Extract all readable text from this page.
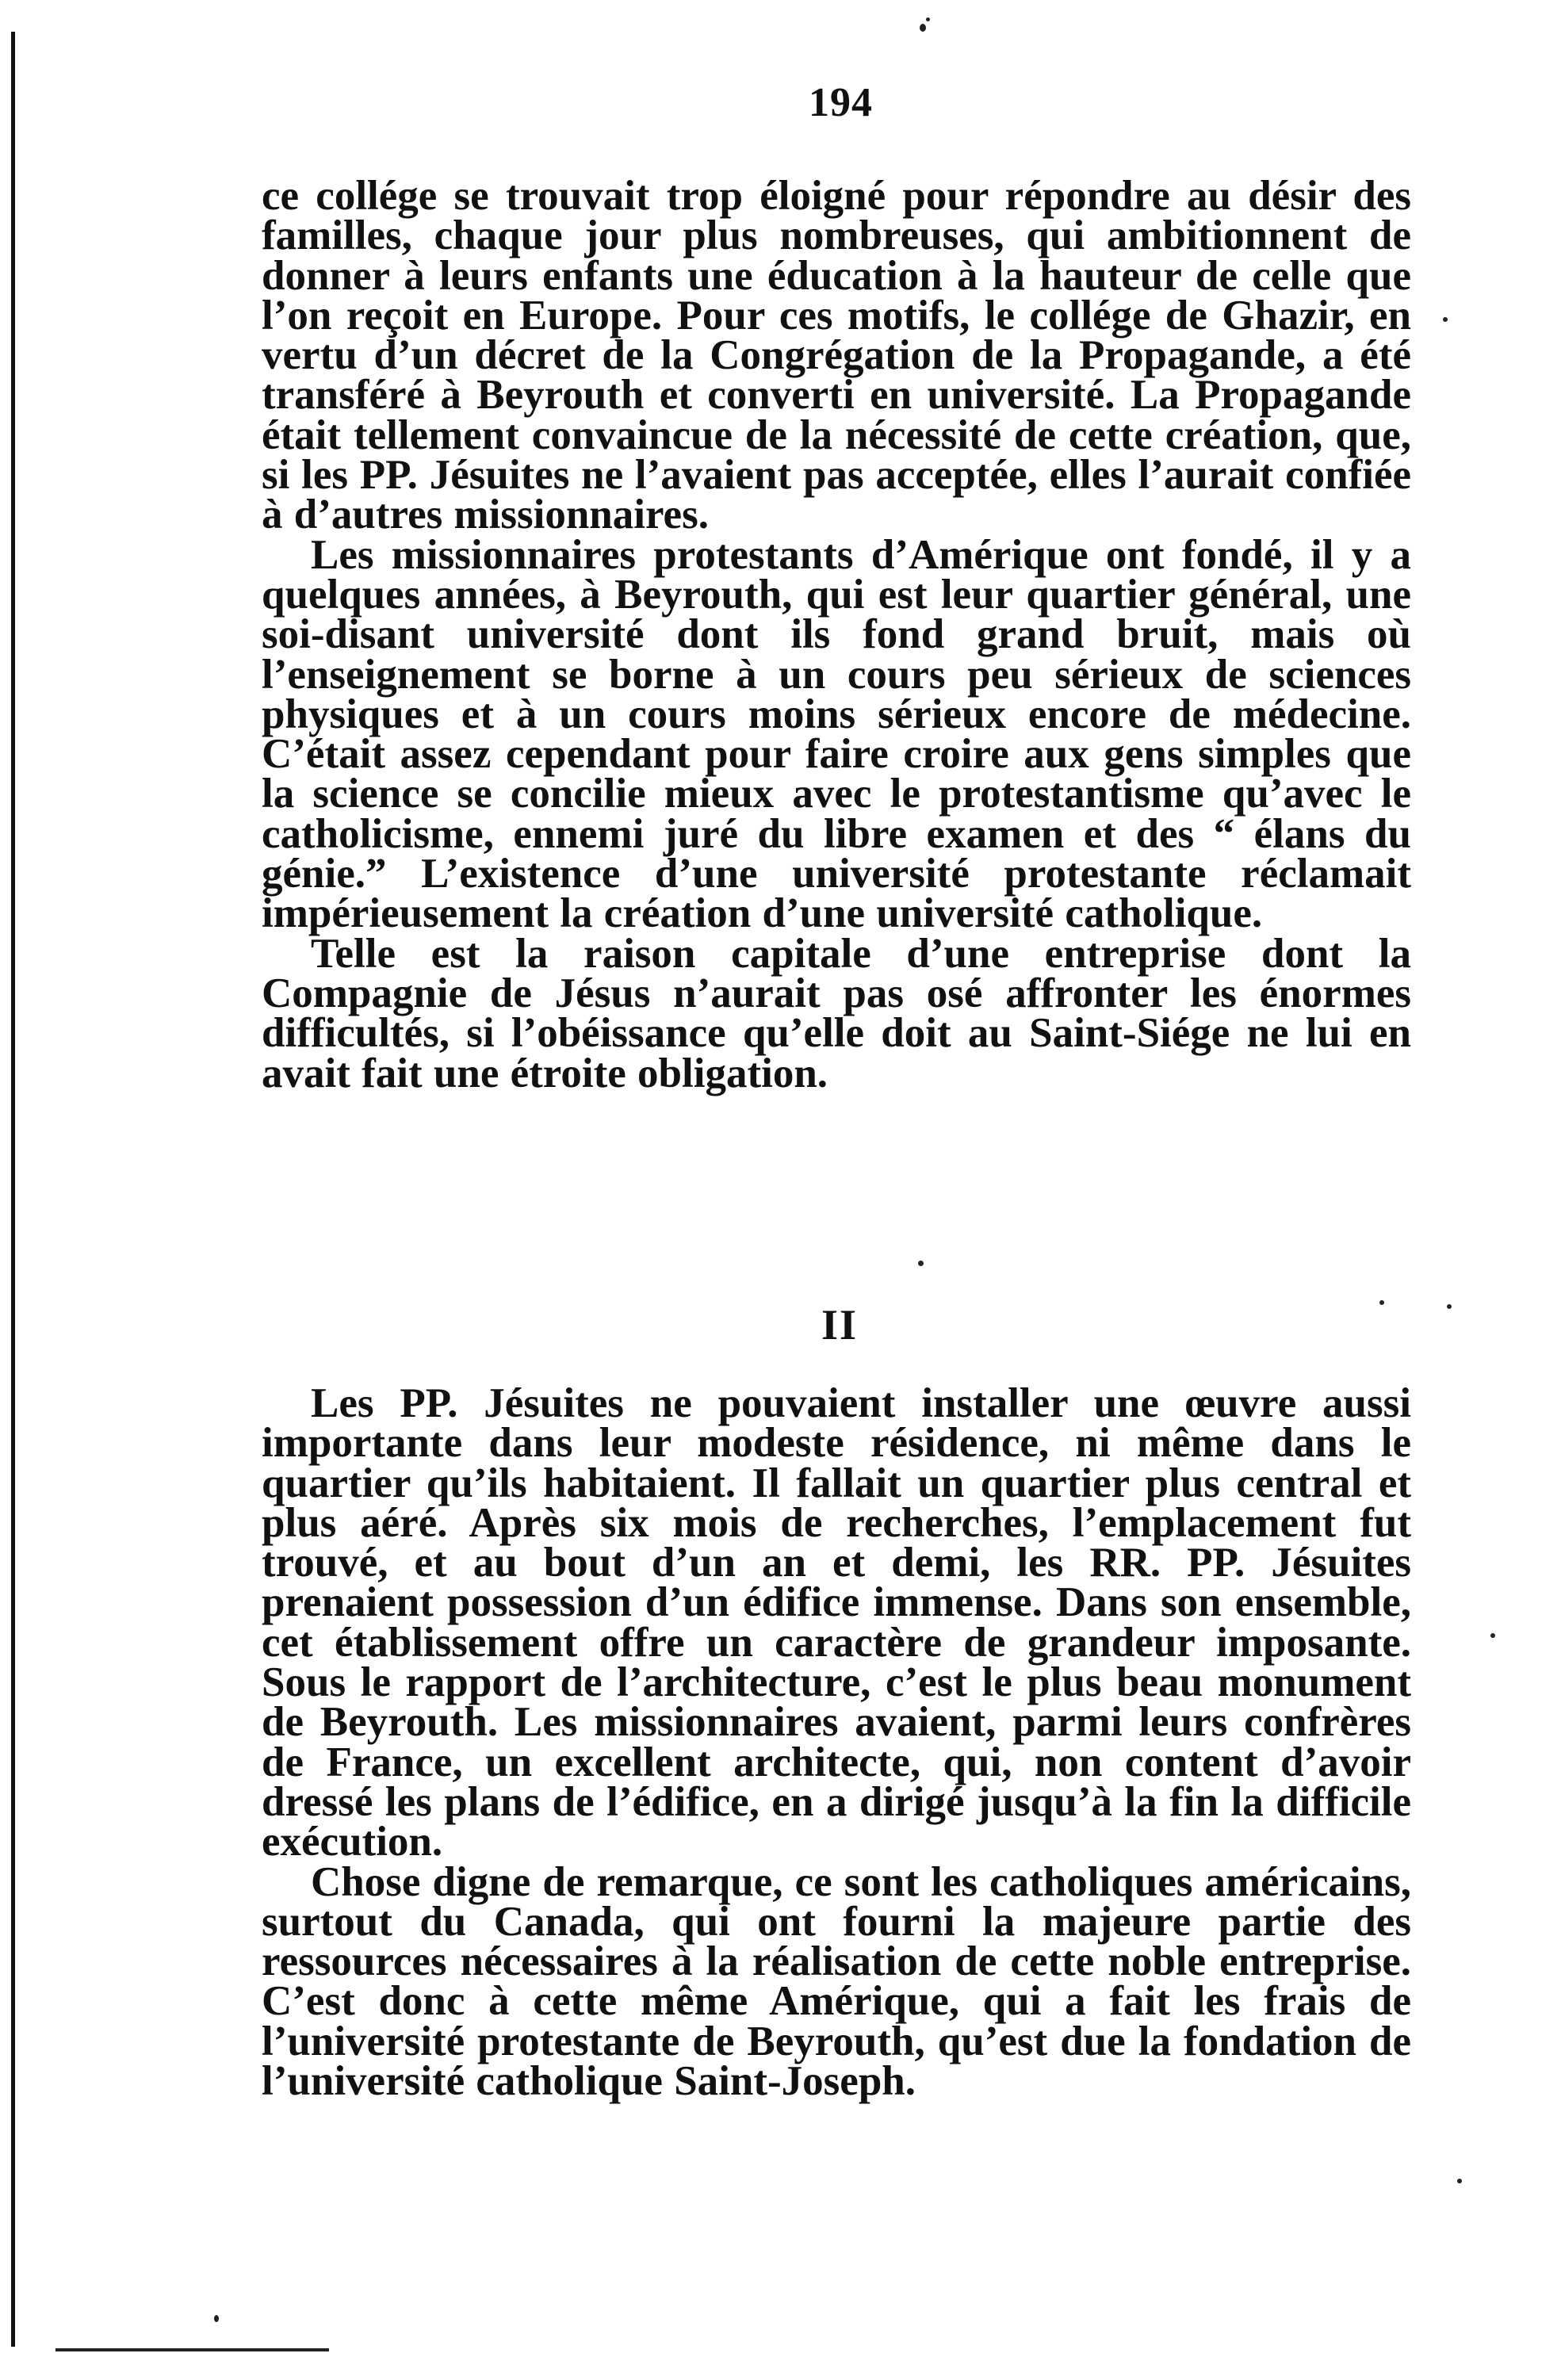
194

ce collége se trouvait trop éloigné pour répondre au désir des familles, chaque jour plus nombreuses, qui ambitionnent de donner à leurs enfants une éducation à la hauteur de celle que l’on reçoit en Europe. Pour ces motifs, le collége de Ghazir, en vertu d’un décret de la Congrégation de la Propagande, a été transféré à Beyrouth et converti en université. La Propagande était tellement convaincue de la nécessité de cette création, que, si les PP. Jésuites ne l’avaient pas acceptée, elles l’aurait confiée à d’autres missionnaires.

Les missionnaires protestants d’Amérique ont fondé, il y a quelques années, à Beyrouth, qui est leur quartier général, une soi-disant université dont ils fond grand bruit, mais où l’enseignement se borne à un cours peu sérieux de sciences physiques et à un cours moins sérieux encore de médecine. C’était assez cependant pour faire croire aux gens simples que la science se concilie mieux avec le protestantisme qu’avec le catholicisme, ennemi juré du libre examen et des “ élans du génie.” L’existence d’une université protestante réclamait impérieusement la création d’une université catholique.

Telle est la raison capitale d’une entreprise dont la Compagnie de Jésus n’aurait pas osé affronter les énormes difficultés, si l’obéissance qu’elle doit au Saint-Siége ne lui en avait fait une étroite obligation.

II

Les PP. Jésuites ne pouvaient installer une œuvre aussi importante dans leur modeste résidence, ni même dans le quartier qu’ils habitaient. Il fallait un quartier plus central et plus aéré. Après six mois de recherches, l’emplacement fut trouvé, et au bout d’un an et demi, les RR. PP. Jésuites prenaient possession d’un édifice immense. Dans son ensemble, cet établissement offre un caractère de grandeur imposante. Sous le rapport de l’architecture, c’est le plus beau monument de Beyrouth. Les missionnaires avaient, parmi leurs confrères de France, un excellent architecte, qui, non content d’avoir dressé les plans de l’édifice, en a dirigé jusqu’à la fin la difficile exécution.

Chose digne de remarque, ce sont les catholiques américains, surtout du Canada, qui ont fourni la majeure partie des ressources nécessaires à la réalisation de cette noble entreprise. C’est donc à cette même Amérique, qui a fait les frais de l’université protestante de Beyrouth, qu’est due la fondation de l’université catholique Saint-Joseph.
